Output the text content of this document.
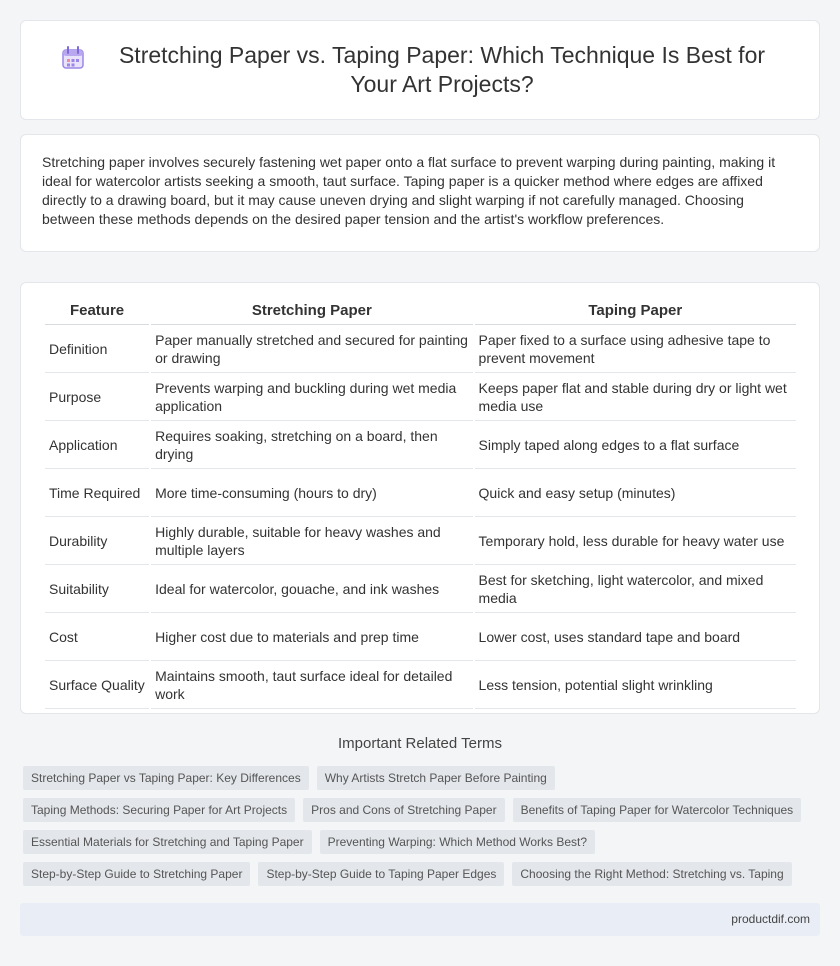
Stretching Paper vs. Taping Paper: Which Technique Is Best for Your Art Projects?

Stretching paper involves securely fastening wet paper onto a flat surface to prevent warping during painting, making it ideal for watercolor artists seeking a smooth, taut surface. Taping paper is a quicker method where edges are affixed directly to a drawing board, but it may cause uneven drying and slight warping if not carefully managed. Choosing between these methods depends on the desired paper tension and the artist's workflow preferences.

Feature	Stretching Paper	Taping Paper
Definition	Paper manually stretched and secured for painting or drawing	Paper fixed to a surface using adhesive tape to prevent movement
Purpose	Prevents warping and buckling during wet media application	Keeps paper flat and stable during dry or light wet media use
Application	Requires soaking, stretching on a board, then drying	Simply taped along edges to a flat surface
Time Required	More time-consuming (hours to dry)	Quick and easy setup (minutes)
Durability	Highly durable, suitable for heavy washes and multiple layers	Temporary hold, less durable for heavy water use
Suitability	Ideal for watercolor, gouache, and ink washes	Best for sketching, light watercolor, and mixed media
Cost	Higher cost due to materials and prep time	Lower cost, uses standard tape and board
Surface Quality	Maintains smooth, taut surface ideal for detailed work	Less tension, potential slight wrinkling
Important Related Terms
Stretching Paper vs Taping Paper: Key Differences	Why Artists Stretch Paper Before Painting
Taping Methods: Securing Paper for Art Projects	Pros and Cons of Stretching Paper	Benefits of Taping Paper for Watercolor Techniques
Essential Materials for Stretching and Taping Paper	Preventing Warping: Which Method Works Best?
Step-by-Step Guide to Stretching Paper	Step-by-Step Guide to Taping Paper Edges	Choosing the Right Method: Stretching vs. Taping
productdif.com
